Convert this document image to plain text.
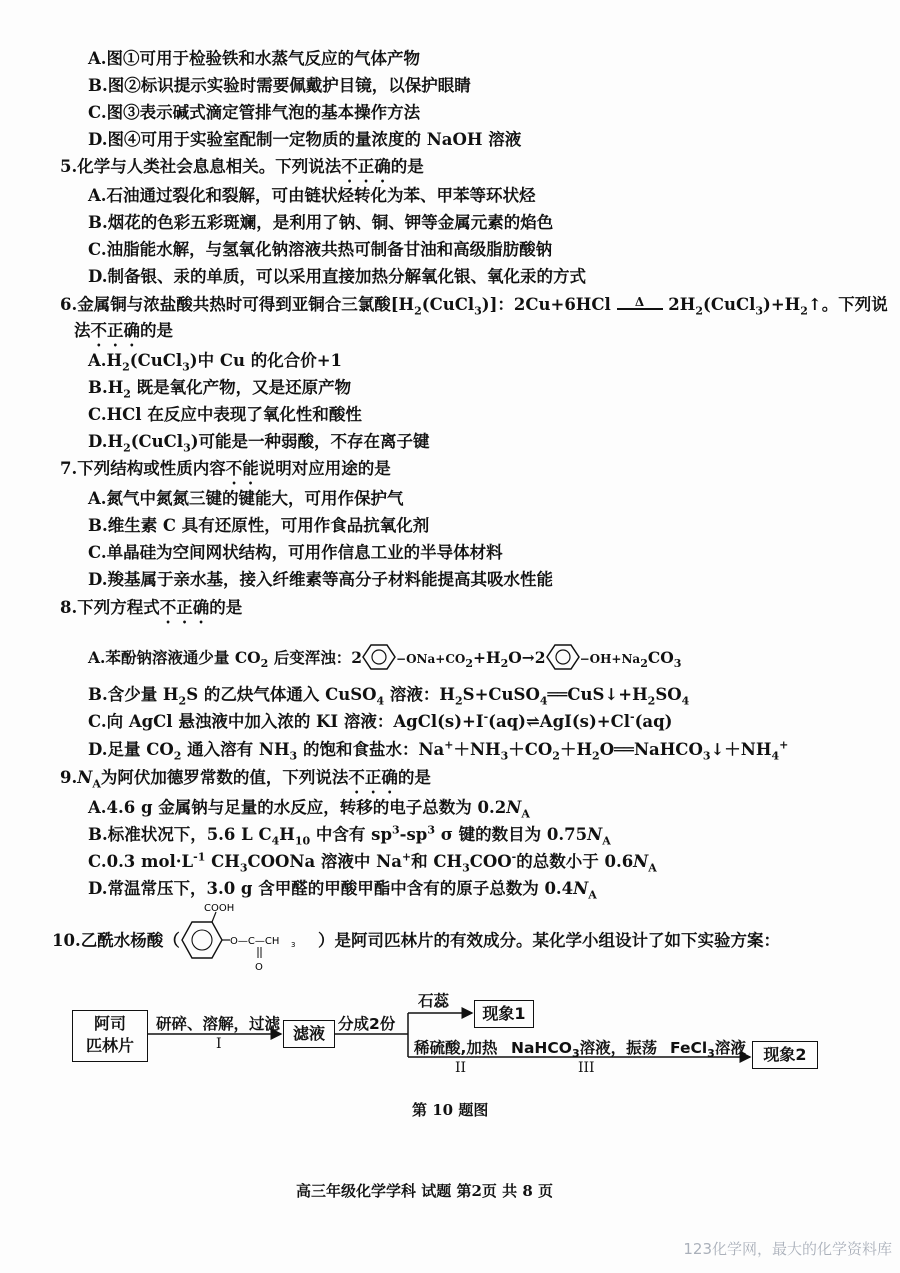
A.图①可用于检验铁和水蒸气反应的气体产物
B.图②标识提示实验时需要佩戴护目镜，以保护眼睛
C.图③表示碱式滴定管排气泡的基本操作方法
D.图④可用于实验室配制一定物质的量浓度的 NaOH 溶液
5.化学与人类社会息息相关。下列说法不正确的是
A.石油通过裂化和裂解，可由链状烃转化为苯、甲苯等环状烃
B.烟花的色彩五彩斑斓，是利用了钠、铜、钾等金属元素的焰色
C.油脂能水解，与氢氧化钠溶液共热可制备甘油和高级脂肪酸钠
D.制备银、汞的单质，可以采用直接加热分解氧化银、氧化汞的方式
6.金属铜与浓盐酸共热时可得到亚铜合三氯酸$[H_2(CuCl_3)]$：2Cu+6HCl Δ $2H_2(CuCl_3)+H_2↑$。下列说
法不正确的是
$A.H_2(CuCl_3)$中 Cu 的化合价+1
$B.H_2$ 既是氧化产物，又是还原产物
C.HCl 在反应中表现了氧化性和酸性
$D.H_2(CuCl_3)$可能是一种弱酸，不存在离子键
7.下列结构或性质内容不能说明对应用途的是
A.氮气中氮氮三键的键能大，可用作保护气
B.维生素 C 具有还原性，可用作食品抗氧化剂
C.单晶硅为空间网状结构，可用作信息工业的半导体材料
D.羧基属于亲水基，接入纤维素等高分子材料能提高其吸水性能
8.下列方程式不正确的是
A.苯酚钠溶液通少量 $CO_2$ 后变浑浊：2	$-ONa+CO_2+H_2O\to 2$	$-OH+Na_2CO_3$
B.含少量 $H_2S$ 的乙炔气体通入 CuSO$_4$ 溶液：$H_2S+CuSO_4══CuS↓+H_2SO_4$
C.向 AgCl 悬浊液中加入浓的 KI 溶液：AgCl(s)+I-(aq)⇌AgI(s)+Cl-(aq)
D.足量 $CO_2$ 通入溶有 $NH_3$ 的饱和食盐水：$Na^++NH_3+CO_2+H_2O══NaHCO_3↓+NH_4^+$
$9.N_A$为阿伏加德罗常数的值，下列说法不正确的是
A.4.6 g 金属钠与足量的水反应，转移的电子总数为 $0.2N_A$
B.标准状况下，5.6 L $C_4H_{10}$ 中含有 $sp^3-sp^3$ σ 键的数目为 $0.75N_A$
C.0.3 $mol\cdot L^{-1}$ $CH_3COONa$ 溶液中 Na+和 $CH_3COO^-$的总数小于 $0.6N_A$
D.常温常压下，3.0 g 含甲醛的甲酸甲酯中含有的原子总数为 $0.4N_A$
10.乙酰水杨酸（
COOH
O—C—CH 3
O
）是阿司匹林片的有效成分。某化学小组设计了如下实验方案：
阿司
匹林片
研碎、溶解，过滤
I
滤液 分成2份
石蕊
现象1
稀硫酸,加热
II
NaHCO$_3$溶液，振荡
III
FeCl$_3$溶液	现象2
第 10 题图
高三年级化学学科 试题 第2页 共 8 页
123化学网，最大的化学资料库
